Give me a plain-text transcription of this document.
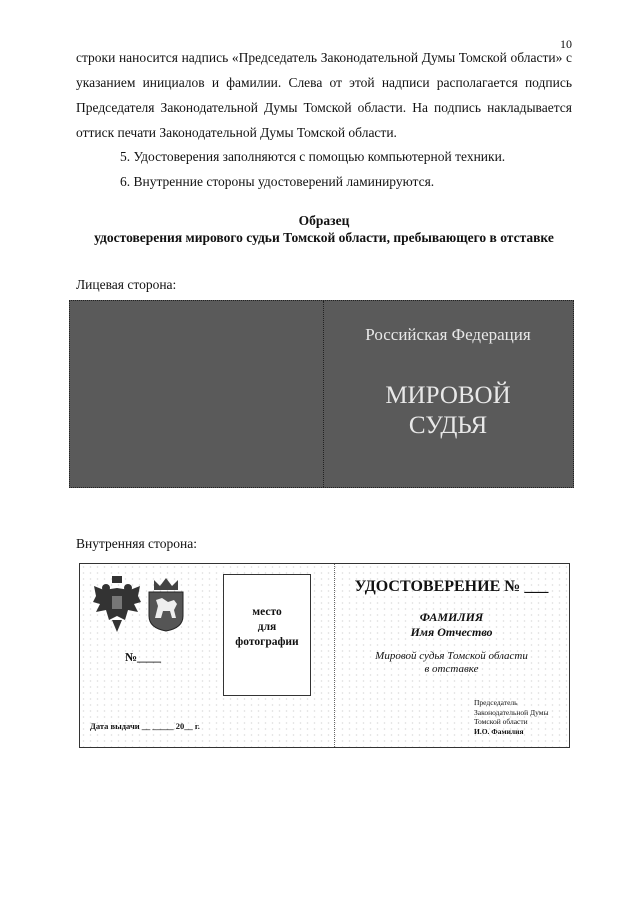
10
строки наносится надпись «Председатель Законодательной Думы Томской области» с указанием инициалов и фамилии. Слева от этой надписи располагается подпись Председателя Законодательной Думы Томской области. На подпись накладывается оттиск печати Законодательной Думы Томской области.
5. Удостоверения заполняются с помощью компьютерной техники.
6. Внутренние стороны удостоверений ламинируются.
Образец
удостоверения мирового судьи Томской области, пребывающего в отставке
Лицевая сторона:
Российская Федерация
МИРОВОЙ
СУДЬЯ
Внутренняя сторона:
№____
место
для
фотографии
Дата выдачи __ _____ 20__ г.
УДОСТОВЕРЕНИЕ № ___
ФАМИЛИЯ
Имя Отчество
Мировой судья Томской области
в отставке
Председатель
Законодательной Думы
Томской области
И.О. Фамилия
